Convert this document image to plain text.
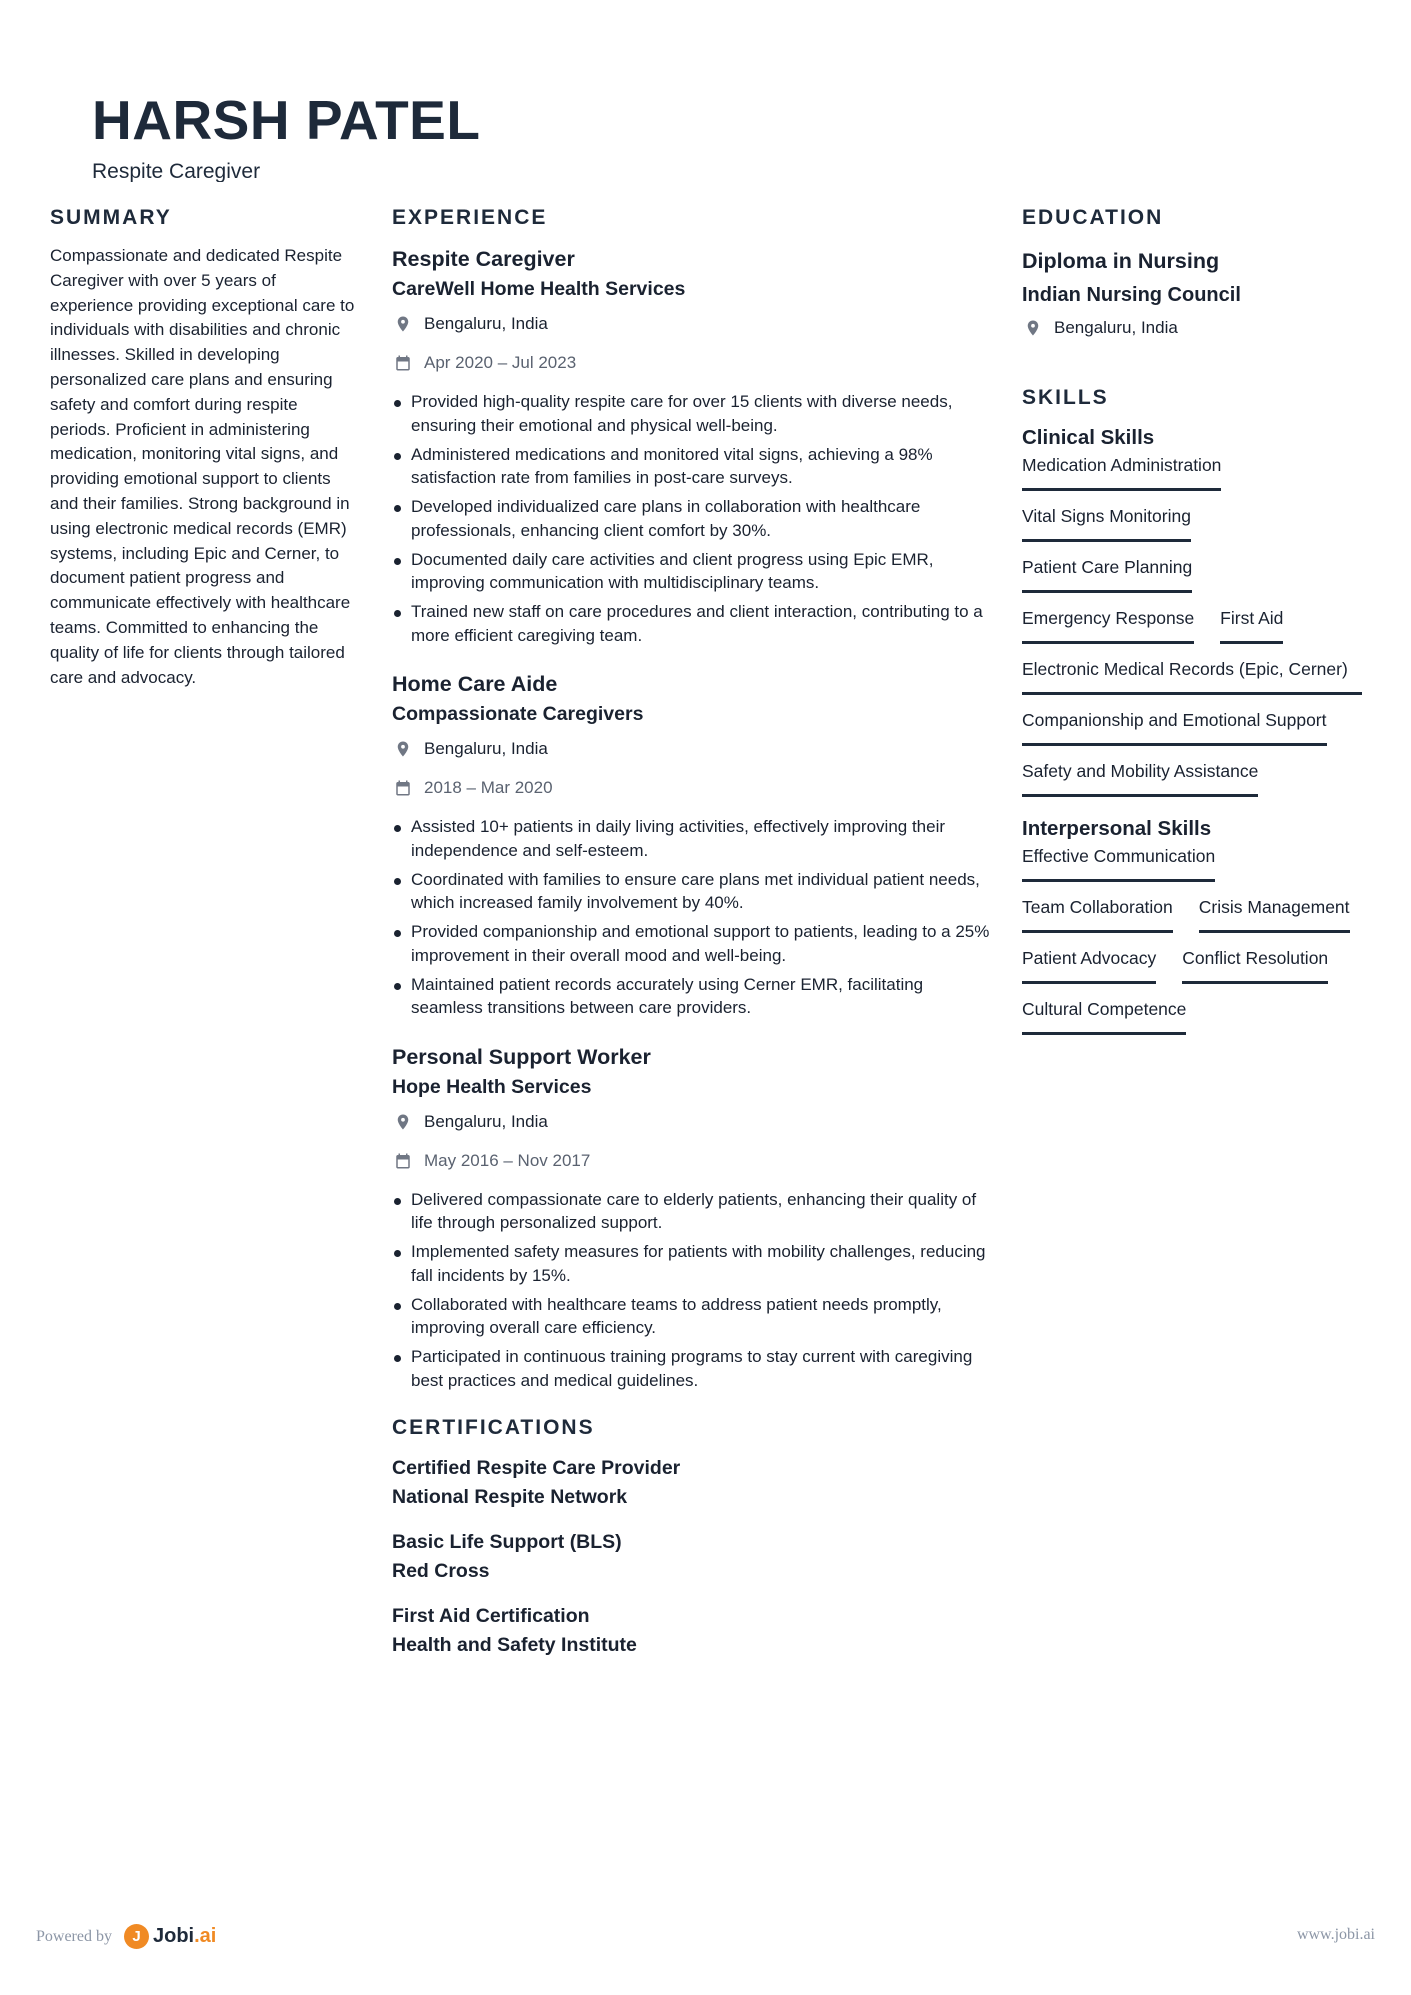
HARSH PATEL
Respite Caregiver
SUMMARY

Compassionate and dedicated Respite Caregiver with over 5 years of experience providing exceptional care to individuals with disabilities and chronic illnesses. Skilled in developing personalized care plans and ensuring safety and comfort during respite periods. Proficient in administering medication, monitoring vital signs, and providing emotional support to clients and their families. Strong background in using electronic medical records (EMR) systems, including Epic and Cerner, to document patient progress and communicate effectively with healthcare teams. Committed to enhancing the quality of life for clients through tailored care and advocacy.

EXPERIENCE
Respite Caregiver
CareWell Home Health Services
Bengaluru, India
Apr 2020 – Jul 2023
Provided high-quality respite care for over 15 clients with diverse needs, ensuring their emotional and physical well-being.
Administered medications and monitored vital signs, achieving a 98% satisfaction rate from families in post-care surveys.
Developed individualized care plans in collaboration with healthcare professionals, enhancing client comfort by 30%.
Documented daily care activities and client progress using Epic EMR, improving communication with multidisciplinary teams.
Trained new staff on care procedures and client interaction, contributing to a more efficient caregiving team.
Home Care Aide
Compassionate Caregivers
Bengaluru, India
2018 – Mar 2020
Assisted 10+ patients in daily living activities, effectively improving their independence and self-esteem.
Coordinated with families to ensure care plans met individual patient needs, which increased family involvement by 40%.
Provided companionship and emotional support to patients, leading to a 25% improvement in their overall mood and well-being.
Maintained patient records accurately using Cerner EMR, facilitating seamless transitions between care providers.
Personal Support Worker
Hope Health Services
Bengaluru, India
May 2016 – Nov 2017
Delivered compassionate care to elderly patients, enhancing their quality of life through personalized support.
Implemented safety measures for patients with mobility challenges, reducing fall incidents by 15%.
Collaborated with healthcare teams to address patient needs promptly, improving overall care efficiency.
Participated in continuous training programs to stay current with caregiving best practices and medical guidelines.
CERTIFICATIONS
Certified Respite Care Provider
National Respite Network
Basic Life Support (BLS)
Red Cross
First Aid Certification
Health and Safety Institute
EDUCATION
Diploma in Nursing
Indian Nursing Council
Bengaluru, India
SKILLS
Clinical Skills
Medication Administration
Vital Signs Monitoring
Patient Care Planning
Emergency Response First Aid
Electronic Medical Records (Epic, Cerner)
Companionship and Emotional Support
Safety and Mobility Assistance
Interpersonal Skills
Effective Communication
Team Collaboration Crisis Management
Patient Advocacy Conflict Resolution
Cultural Competence
Powered by	J Jobi.ai	www.jobi.ai
